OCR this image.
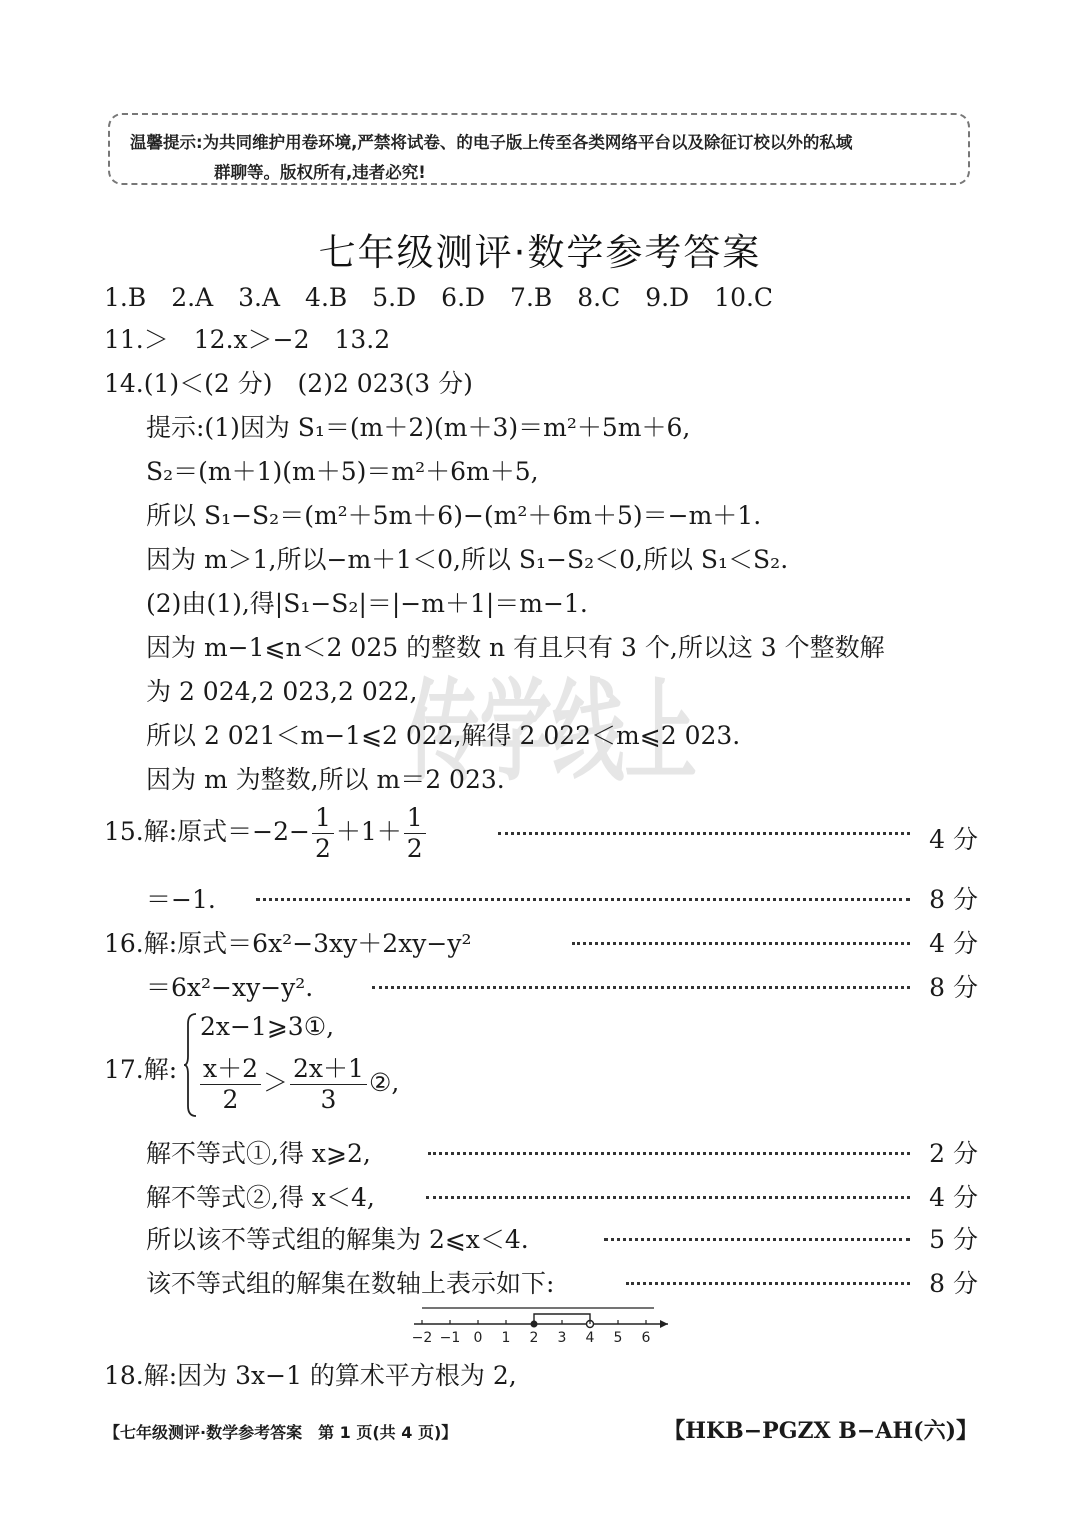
传学线上
温馨提示:为共同维护用卷环境,严禁将试卷、的电子版上传至各类网络平台以及除征订校以外的私域
群聊等。版权所有,违者必究!
七年级测评·数学参考答案
1.B　2.A　3.A　4.B　5.D　6.D　7.B　8.C　9.D　10.C
11.＞　12.x＞−2　13.2
14.(1)＜(2 分)　(2)2 023(3 分)
提示:(1)因为 S₁＝(m＋2)(m＋3)＝m²＋5m＋6,
S₂＝(m＋1)(m＋5)＝m²＋6m＋5,
所以 S₁−S₂＝(m²＋5m＋6)−(m²＋6m＋5)＝−m＋1.
因为 m＞1,所以−m＋1＜0,所以 S₁−S₂＜0,所以 S₁＜S₂.
(2)由(1),得|S₁−S₂|＝|−m＋1|＝m−1.
因为 m−1⩽n＜2 025 的整数 n 有且只有 3 个,所以这 3 个整数解
为 2 024,2 023,2 022,
所以 2 021＜m−1⩽2 022,解得 2 022＜m⩽2 023.
因为 m 为整数,所以 m＝2 023.
15.解:原式$=-2- \frac{1}{2} +1+ \frac{1}{2}$	4 分
＝−1.	8 分
16.解:原式＝6x²−3xy＋2xy−y²	4 分
＝6x²−xy−y².	8 分
17.解:
2x−1⩾3①,
$\frac{x+2}{2} > \frac{2x+1}{3}$ ②,
解不等式①,得 x⩾2,	2 分
解不等式②,得 x＜4,	4 分
所以该不等式组的解集为 2⩽x＜4.	5 分
该不等式组的解集在数轴上表示如下:	8 分
−2 −1 0 1 2 3 4 5 6
18.解:因为 3x−1 的算术平方根为 2,
【七年级测评·数学参考答案　第 1 页(共 4 页)】	【HKB−PGZX B−AH(六)】
